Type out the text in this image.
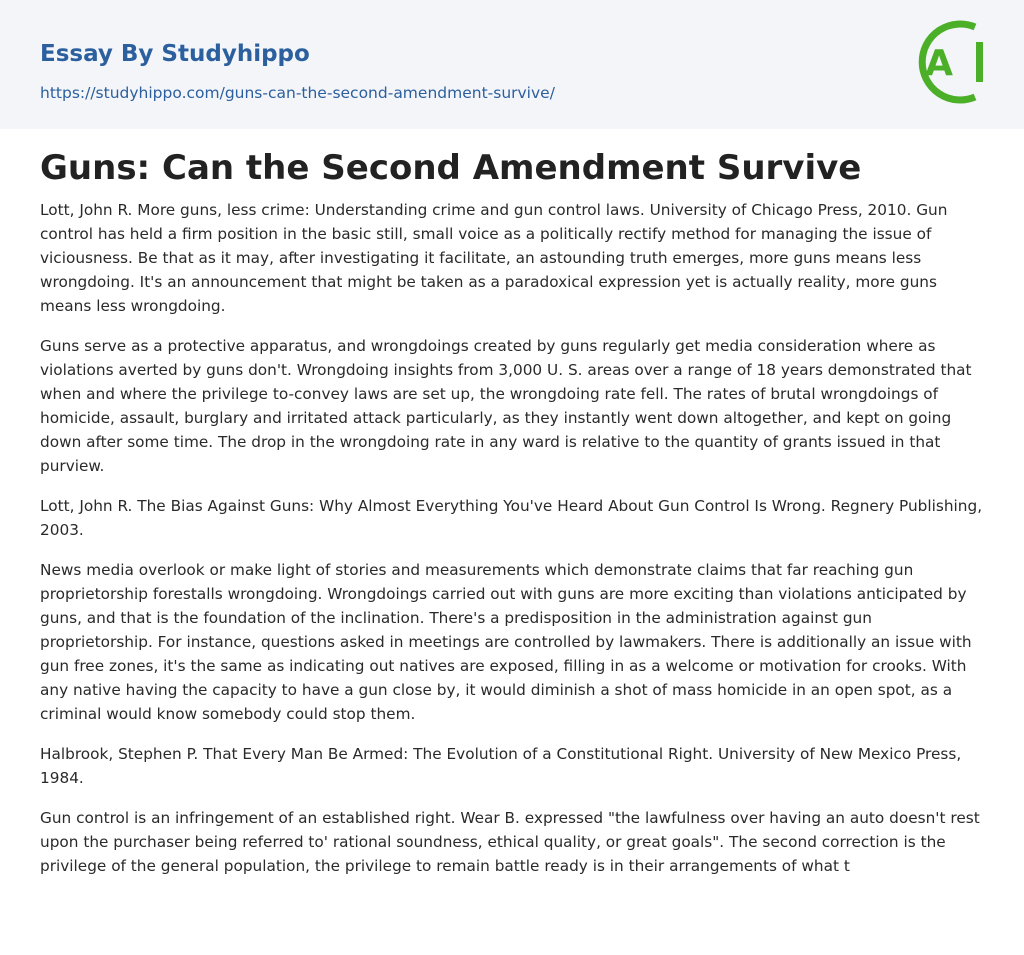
Essay By Studyhippo
https://studyhippo.com/guns-can-the-second-amendment-survive/
A
Guns: Can the Second Amendment Survive

Lott, John R. More guns, less crime: Understanding crime and gun control laws. University of Chicago Press, 2010. Gun control has held a firm position in the basic still, small voice as a politically rectify method for managing the issue of viciousness. Be that as it may, after investigating it facilitate, an astounding truth emerges, more guns means less wrongdoing. It's an announcement that might be taken as a paradoxical expression yet is actually reality, more guns means less wrongdoing.

Guns serve as a protective apparatus, and wrongdoings created by guns regularly get media consideration where as violations averted by guns don't. Wrongdoing insights from 3,000 U. S. areas over a range of 18 years demonstrated that when and where the privilege to-convey laws are set up, the wrongdoing rate fell. The rates of brutal wrongdoings of homicide, assault, burglary and irritated attack particularly, as they instantly went down altogether, and kept on going down after some time. The drop in the wrongdoing rate in any ward is relative to the quantity of grants issued in that purview.

Lott, John R. The Bias Against Guns: Why Almost Everything You've Heard About Gun Control Is Wrong. Regnery Publishing, 2003.

News media overlook or make light of stories and measurements which demonstrate claims that far reaching gun proprietorship forestalls wrongdoing. Wrongdoings carried out with guns are more exciting than violations anticipated by guns, and that is the foundation of the inclination. There's a predisposition in the administration against gun proprietorship. For instance, questions asked in meetings are controlled by lawmakers. There is additionally an issue with gun free zones, it's the same as indicating out natives are exposed, filling in as a welcome or motivation for crooks. With any native having the capacity to have a gun close by, it would diminish a shot of mass homicide in an open spot, as a criminal would know somebody could stop them.

Halbrook, Stephen P. That Every Man Be Armed: The Evolution of a Constitutional Right. University of New Mexico Press, 1984.

Gun control is an infringement of an established right. Wear B. expressed "the lawfulness over having an auto doesn't rest upon the purchaser being referred to' rational soundness, ethical quality, or great goals". The second correction is the privilege of the general population, the privilege to remain battle ready is in their arrangements of what t
